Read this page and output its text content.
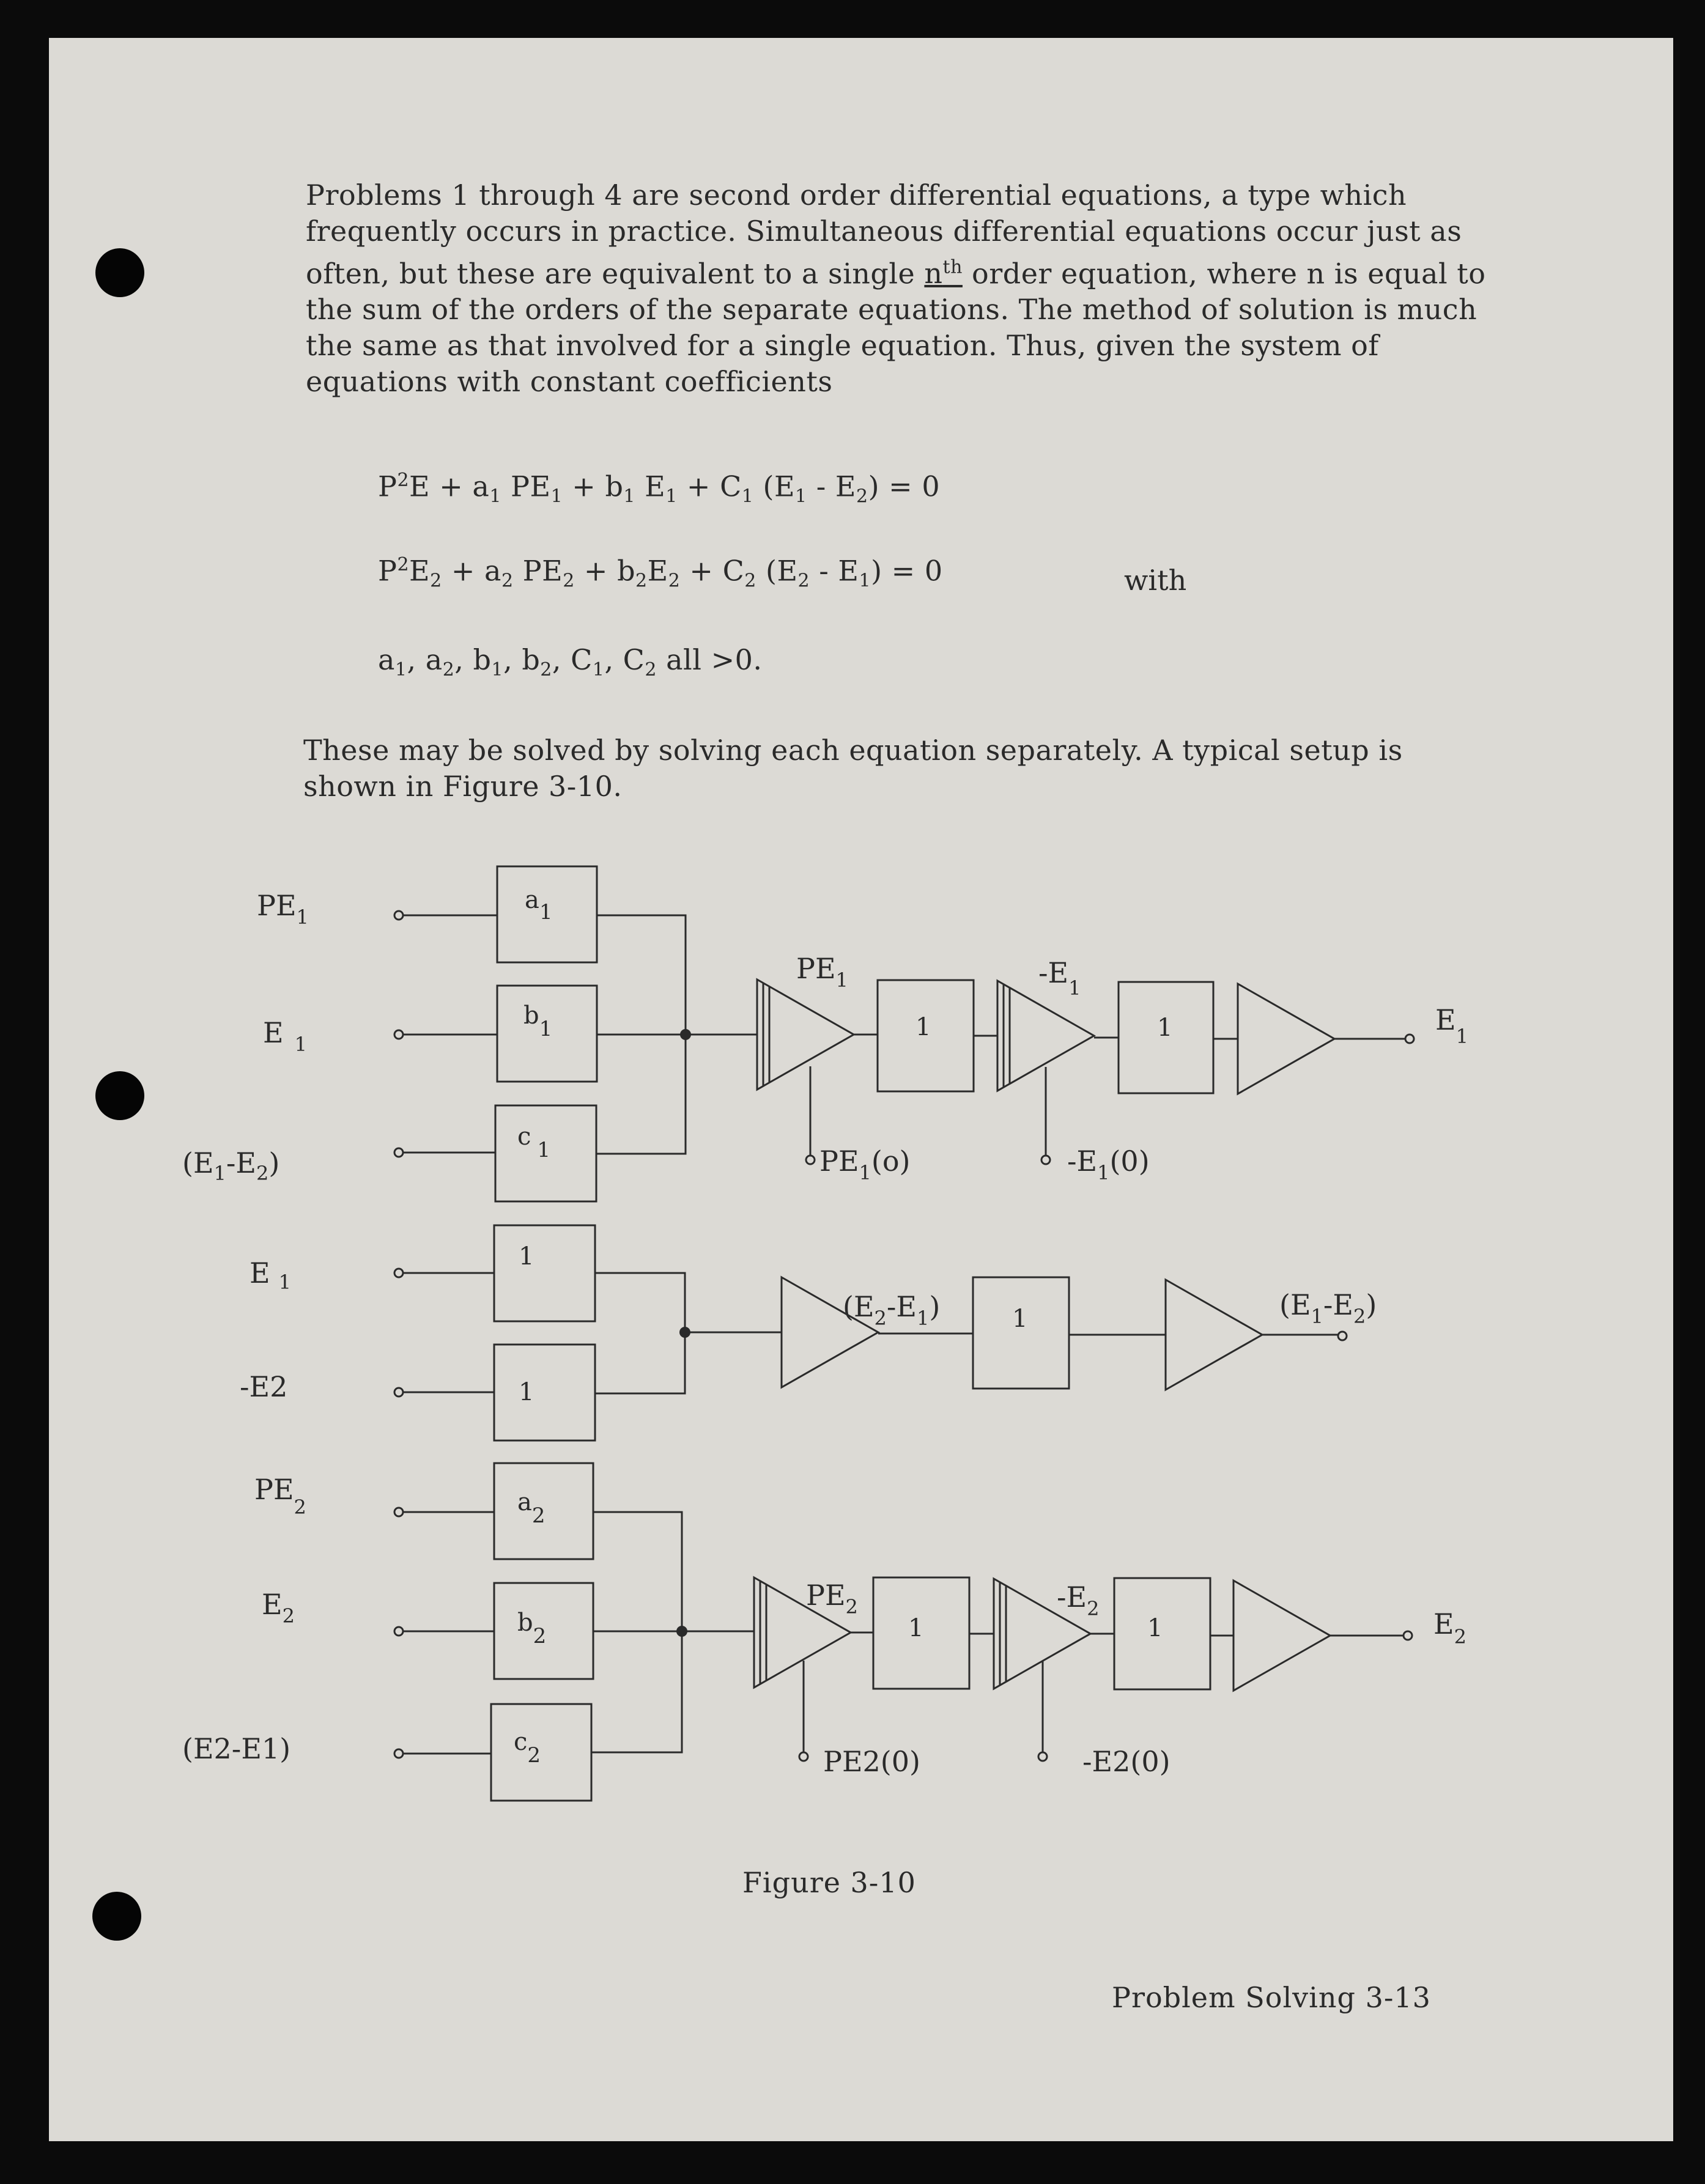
Problems 1 through 4 are second order differential equations, a type which frequently occurs in practice. Simultaneous differential equations occur just as often, but these are equivalent to a single $n^{th}$ order equation, where n is equal to the sum of the orders of the separate equations. The method of solution is much the same as that involved for a single equation. Thus, given the system of equations with constant coefficients

$P^2E + a_1$ $PE_1 + b_1$ $E_1 + C_1$ $(E_1 - E_2) = 0$
$P^2E_2 + a_2$ $PE_2 + b_2E_2 + C_2$ $(E_2 - E_1) = 0$	with
$a_1$, $a_2$, $b_1$, $b_2$, $C_1$, $C_2$ all >0.

These may be solved by solving each equation separately. A typical setup is shown in Figure 3-10.

$PE_1$
E $_1$
$(E_1-E_2)$
$a_1$
$b_1$
c $_1$
$PE_1$
$PE_1(o)$
1
$-E_1$
$-E_1(0)$
1	$E_1$
E $_1$
-E2
1
1
$(E_2-E_1)$	1	$(E_1-E_2)$
$PE_2$
$E_2$
(E2-E1)
$a_2$
$b_2$
$c_2$
$PE_2$
PE2(0)
1
$-E_2$
-E2(0)
1	$E_2$
Figure 3-10
Problem Solving 3-13
